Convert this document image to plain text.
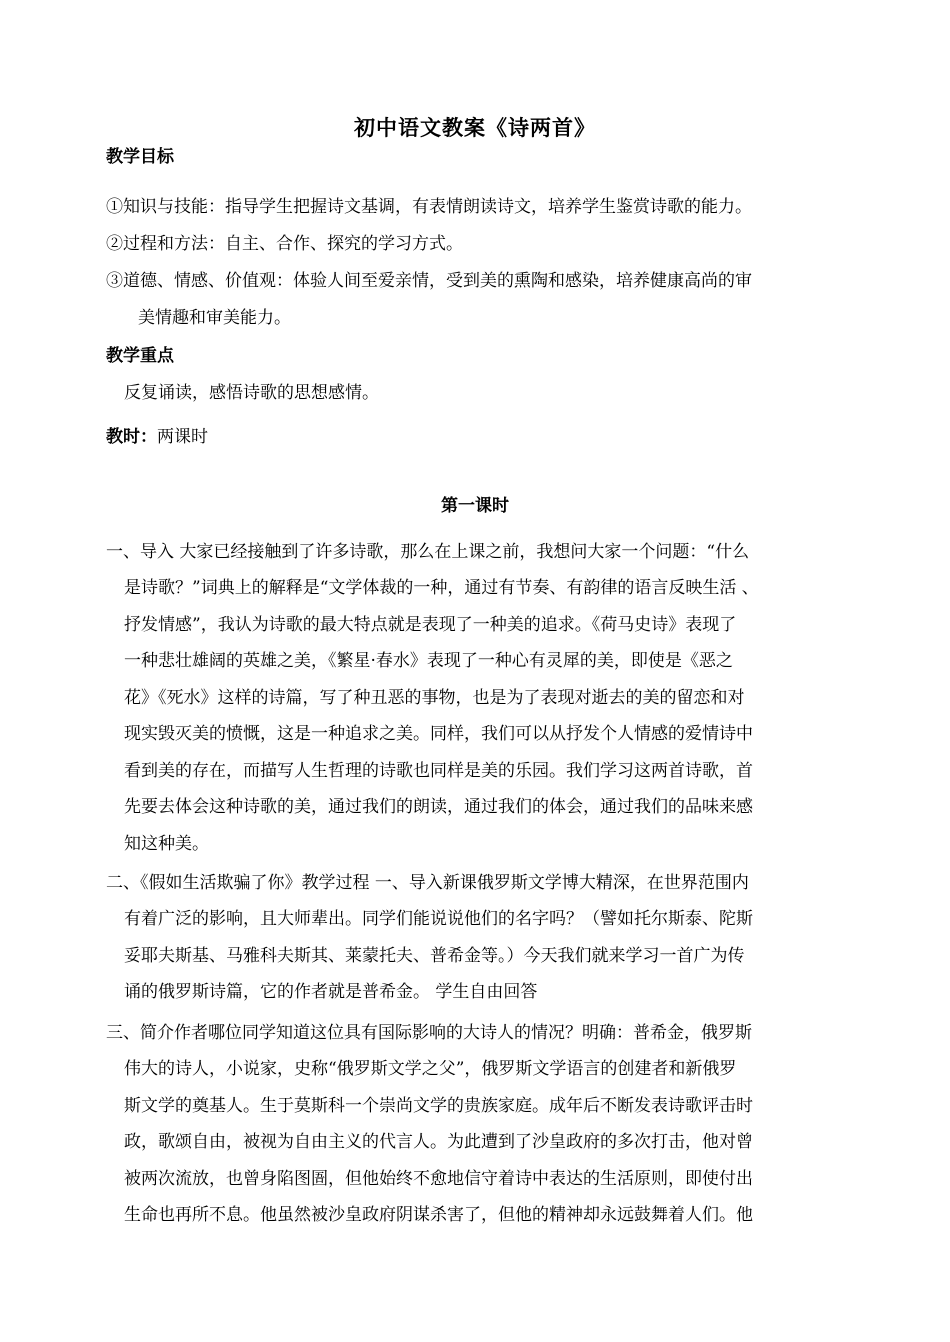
初中语文教案《诗两首》
教学目标
①知识与技能：指导学生把握诗文基调，有表情朗读诗文，培养学生鉴赏诗歌的能力。
②过程和方法：自主、合作、探究的学习方式。
③道德、情感、价值观：体验人间至爱亲情，受到美的熏陶和感染，培养健康高尚的审
美情趣和审美能力。
教学重点
反复诵读，感悟诗歌的思想感情。
教时：两课时
第一课时
一、导入 大家已经接触到了许多诗歌，那么在上课之前，我想问大家一个问题：“什么
是诗歌？”词典上的解释是“文学体裁的一种，通过有节奏、有韵律的语言反映生活 、
抒发情感”，我认为诗歌的最大特点就是表现了一种美的追求。《荷马史诗》表现了
一种悲壮雄阔的英雄之美，《繁星·春水》表现了一种心有灵犀的美，即使是《恶之
花》《死水》这样的诗篇，写了种丑恶的事物，也是为了表现对逝去的美的留恋和对
现实毁灭美的愤慨，这是一种追求之美。同样，我们可以从抒发个人情感的爱情诗中
看到美的存在，而描写人生哲理的诗歌也同样是美的乐园。我们学习这两首诗歌，首
先要去体会这种诗歌的美，通过我们的朗读，通过我们的体会，通过我们的品味来感
知这种美。
二、《假如生活欺骗了你》教学过程 一、导入新课俄罗斯文学博大精深，在世界范围内
有着广泛的影响，且大师辈出。同学们能说说他们的名字吗？（譬如托尔斯泰、陀斯
妥耶夫斯基、马雅科夫斯其、莱蒙托夫、普希金等。）今天我们就来学习一首广为传
诵的俄罗斯诗篇，它的作者就是普希金。 学生自由回答
三、简介作者哪位同学知道这位具有国际影响的大诗人的情况？明确：普希金，俄罗斯
伟大的诗人，小说家，史称“俄罗斯文学之父”，俄罗斯文学语言的创建者和新俄罗
斯文学的奠基人。生于莫斯科一个崇尚文学的贵族家庭。成年后不断发表诗歌评击时
政，歌颂自由，被视为自由主义的代言人。为此遭到了沙皇政府的多次打击，他对曾
被两次流放，也曾身陷图圄，但他始终不愈地信守着诗中表达的生活原则，即使付出
生命也再所不息。他虽然被沙皇政府阴谋杀害了，但他的精神却永远鼓舞着人们。他
